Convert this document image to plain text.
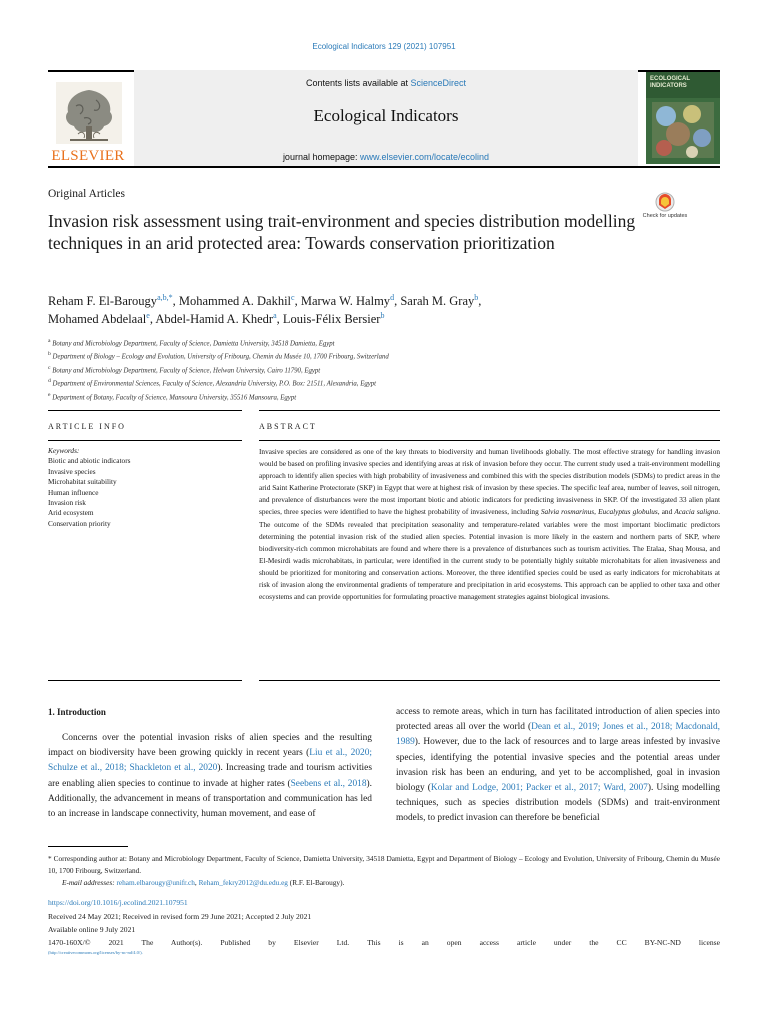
Ecological Indicators 129 (2021) 107951
ELSEVIER
Contents lists available at ScienceDirect
Ecological Indicators
journal homepage: www.elsevier.com/locate/ecolind
ECOLOGICAL INDICATORS
Original Articles
Check for updates
Invasion risk assessment using trait-environment and species distribution modelling techniques in an arid protected area: Towards conservation prioritization
Reham F. El-Barougy$^{a,b,*}$, Mohammed A. Dakhil$^c$, Marwa W. Halmy$^d$, Sarah M. Gray$^b$,
Mohamed Abdelaal$^e$, Abdel-Hamid A. Khedr$^a$, Louis-Félix Bersier$^b$
$^a$ Botany and Microbiology Department, Faculty of Science, Damietta University, 34518 Damietta, Egypt
$^b$ Department of Biology – Ecology and Evolution, University of Fribourg, Chemin du Musée 10, 1700 Fribourg, Switzerland
$^c$ Botany and Microbiology Department, Faculty of Science, Helwan University, Cairo 11790, Egypt
$^d$ Department of Environmental Sciences, Faculty of Science, Alexandria University, P.O. Box: 21511, Alexandria, Egypt
$^e$ Department of Botany, Faculty of Science, Mansoura University, 35516 Mansoura, Egypt
ARTICLE INFO	ABSTRACT
Keywords:
Biotic and abiotic indicators
Invasive species
Microhabitat suitability
Human influence
Invasion risk
Arid ecosystem
Conservation priority
Invasive species are considered as one of the key threats to biodiversity and human livelihoods globally. The most effective strategy for handling invasion would be based on profiling invasive species and identifying areas at risk of invasion before they occur. The current study used a trait-environment modelling approach to identify alien species with high probability of invasiveness and combined this with the species distribution models (SDMs) to predict areas in the arid Saint Katherine Protectorate (SKP) in Egypt that were at highest risk of invasion by these species. The specific leaf area, number of leaves, soil nitrogen, and prevalence of disturbances were the most important biotic and abiotic indicators for predicting invasiveness in SKP. Of the investigated 33 alien plant species, three species were identified to have the highest probability of invasiveness, including Salvia rosmarinus, Eucalyptus globulus, and Acacia saligna. The outcome of the SDMs revealed that precipitation seasonality and temperature-related variables were the most important bioclimatic predictors determining the potential invasion risk of the studied alien species. Potential invasion is more likely in the eastern and northern parts of SKP, where biodiversity-rich common microhabitats are found and where there is a prevalence of disturbances such as tourism activities. The Etalaa, Shaq Mousa, and El-Mesirdi wadis microhabitats, in particular, were identified in the current study to be potentially highly suitable microhabitats for alien invasiveness and should be prioritized for monitoring and conservation actions. Moreover, the three identified species could be used as early indicators for microhabitats at risk of invasion along the environmental gradients of temperature and precipitation in arid ecosystems. This approach can be applied to other taxa and other ecosystems and can provide opportunities for formulating proactive management strategies against biological invasions.
1. Introduction
Concerns over the potential invasion risks of alien species and the resulting impact on biodiversity have been growing quickly in recent years (Liu et al., 2020; Schulze et al., 2018; Shackleton et al., 2020). Increasing trade and tourism activities are enabling alien species to continue to invade at higher rates (Seebens et al., 2018). Additionally, the advancement in means of transportation and communication has led to an increase in landscape connectivity, human movement, and ease of
access to remote areas, which in turn has facilitated introduction of alien species into protected areas all over the world (Dean et al., 2019; Jones et al., 2018; Macdonald, 1989). However, due to the lack of resources and to large areas infested by invasive species, identifying the potential invasive species and the potential areas under invasion risk has been an enduring, and yet to be accomplished, goal in invasion biology (Kolar and Lodge, 2001; Packer et al., 2017; Ward, 2007). Using modelling techniques, such as species distribution models (SDMs) and trait-environment models, to predict invasion can therefore be beneficial
* Corresponding author at: Botany and Microbiology Department, Faculty of Science, Damietta University, 34518 Damietta, Egypt and Department of Biology – Ecology and Evolution, University of Fribourg, Chemin du Musée 10, 1700 Fribourg, Switzerland.
E-mail addresses: reham.elbarougy@unifr.ch, Reham_fekry2012@du.edu.eg (R.F. El-Barougy).
https://doi.org/10.1016/j.ecolind.2021.107951
Received 24 May 2021; Received in revised form 29 June 2021; Accepted 2 July 2021
Available online 9 July 2021
1470-160X/© 2021 The Author(s). Published by Elsevier Ltd. This is an open access article under the CC BY-NC-ND license
(http://creativecommons.org/licenses/by-nc-nd/4.0/).
